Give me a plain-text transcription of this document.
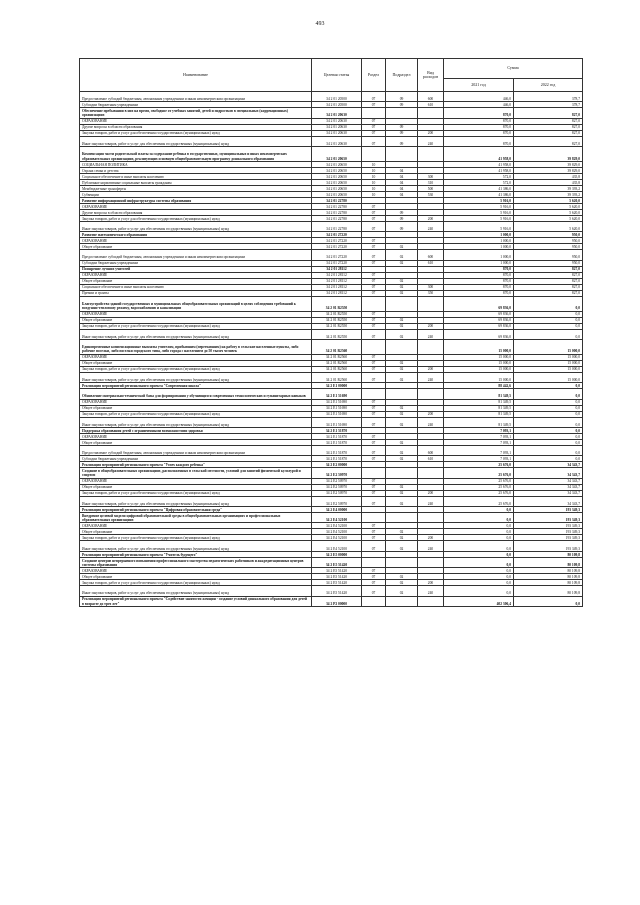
493
Наименование	Целевая статья	Раздел	Подраздел	Вид расходов	Сумма	
					2021 год	2022 год
Предоставление субсидий бюджетным, автономным учреждениям и иным некоммерческим организациям	34 2 01 20500	07	09	600	446,0	378,7
Субсидии бюджетным учреждениям	34 2 01 20500	07	09	610	446,0	378,7
Обеспечение пребывания в них на время, свободное от учебных занятий, детей и подростков в специальных (коррекционных) организациях	34 2 01 20630				870,0	827,0
ОБРАЗОВАНИЕ	34 2 01 20630	07			870,0	827,0
Другие вопросы в области образования	34 2 01 20630	07	09		870,0	827,0
Закупка товаров, работ и услуг для обеспечения государственных (муниципальных) нужд	34 2 01 20630	07	09	200	870,0	827,0
Иные закупки товаров, работ и услуг для обеспечения государственных (муниципальных) нужд	34 2 01 20630	07	09	240	870,0	827,0
Компенсация части родительской платы за содержание ребенка в государственных, муниципальных и иных некоммерческих образовательных организациях, реализующих основную общеобразовательную программу дошкольного образования	34 2 01 20650				41 958,0	39 829,0
СОЦИАЛЬНАЯ ПОЛИТИКА	34 2 01 20650	10			41 958,0	39 829,0
Охрана семьи и детства	34 2 01 20650	10	04		41 958,0	39 829,0
Социальное обеспечение и иные выплаты населению	34 2 01 20650	10	04	300	572,0	435,8
Публичные нормативные социальные выплаты гражданам	34 2 01 20650	10	04	310	572,0	435,8
Межбюджетные трансферты	34 2 01 20650	10	04	500	41 386,0	39 393,2
Субвенции	34 2 01 20650	10	04	530	41 386,0	39 393,2
Развитие информационной инфраструктуры системы образования	34 2 01 22780				5 916,0	5 620,0
ОБРАЗОВАНИЕ	34 2 01 22780	07			5 916,0	5 620,0
Другие вопросы в области образования	34 2 01 22780	07	09		5 916,0	5 620,0
Закупка товаров, работ и услуг для обеспечения государственных (муниципальных) нужд	34 2 01 22780	07	09	200	5 916,0	5 620,0
Иные закупки товаров, работ и услуг для обеспечения государственных (муниципальных) нужд	34 2 01 22780	07	09	240	5 916,0	5 620,0
Развитие математического образования	34 2 01 27220				1 000,0	950,0
ОБРАЗОВАНИЕ	34 2 01 27220	07			1 000,0	950,0
Общее образование	34 2 01 27220	07	02		1 000,0	950,0
Предоставление субсидий бюджетным, автономным учреждениям и иным некоммерческим организациям	34 2 01 27220	07	02	600	1 000,0	950,0
Субсидии бюджетным учреждениям	34 2 01 27220	07	02	610	1 000,0	950,0
Поощрение лучших учителей	34 2 01 28112				870,0	827,0
ОБРАЗОВАНИЕ	34 2 01 28112	07			870,0	827,0
Общее образование	34 2 01 28112	07	02		870,0	827,0
Социальное обеспечение и иные выплаты населению	34 2 01 28112	07	02	300	870,0	827,0
Премии и гранты	34 2 01 28112	07	02	350	870,0	827,0
Благоустройство зданий государственных и муниципальных общеобразовательных организаций в целях соблюдения требований к воздушно-тепловому режиму, водоснабжению и канализации	34 2 01 R2550				69 836,0	0,0
ОБРАЗОВАНИЕ	34 2 01 R2550	07			69 836,0	0,0
Общее образование	34 2 01 R2550	07	02		69 836,0	0,0
Закупка товаров, работ и услуг для обеспечения государственных (муниципальных) нужд	34 2 01 R2550	07	02	200	69 836,0	0,0
Иные закупки товаров, работ и услуг для обеспечения государственных (муниципальных) нужд	34 2 01 R2550	07	02	240	69 836,0	0,0
Единовременные компенсационные выплаты учителям, прибывшим (переехавшим) на работу в сельские населенные пункты, либо рабочие поселки, либо поселки городского типа, либо города с населением до 50 тысяч человек	34 2 01 R2560				15 000,0	15 000,0
ОБРАЗОВАНИЕ	34 2 01 R2560	07			15 000,0	15 000,0
Общее образование	34 2 01 R2560	07	02		15 000,0	15 000,0
Закупка товаров, работ и услуг для обеспечения государственных (муниципальных) нужд	34 2 01 R2560	07	02	200	15 000,0	15 000,0
Иные закупки товаров, работ и услуг для обеспечения государственных (муниципальных) нужд	34 2 01 R2560	07	02	240	15 000,0	15 000,0
Реализация мероприятий регионального проекта "Современная школа"	34 2 E1 00000				88 442,6	0,0
Обновление материально-технической базы для формирования у обучающихся современных технологических и гуманитарных навыков	34 2 E1 51690				81 349,5	0,0
ОБРАЗОВАНИЕ	34 2 E1 51690	07			81 349,5	0,0
Общее образование	34 2 E1 51690	07	02		81 349,5	0,0
Закупка товаров, работ и услуг для обеспечения государственных (муниципальных) нужд	34 2 E1 51690	07	02	200	81 349,5	0,0
Иные закупки товаров, работ и услуг для обеспечения государственных (муниципальных) нужд	34 2 E1 51690	07	02	240	81 349,5	0,0
Поддержка образования детей с ограниченными возможностями здоровья	34 2 E1 51870				7 093,1	0,0
ОБРАЗОВАНИЕ	34 2 E1 51870	07			7 093,1	0,0
Общее образование	34 2 E1 51870	07	02		7 093,1	0,0
Предоставление субсидий бюджетным, автономным учреждениям и иным некоммерческим организациям	34 2 E1 51870	07	02	600	7 093,1	0,0
Субсидии бюджетным учреждениям	34 2 E1 51870	07	02	610	7 093,1	0,0
Реализация мероприятий регионального проекта "Успех каждого ребенка"	34 2 E2 00000				25 676,0	34 343,7
Создание в общеобразовательных организациях, расположенных в сельской местности, условий для занятий физической культурой и спортом	34 2 E2 50970				25 676,0	34 343,7
ОБРАЗОВАНИЕ	34 2 E2 50970	07			25 676,0	34 343,7
Общее образование	34 2 E2 50970	07	02		25 676,0	34 343,7
Закупка товаров, работ и услуг для обеспечения государственных (муниципальных) нужд	34 2 E2 50970	07	02	200	25 676,0	34 343,7
Иные закупки товаров, работ и услуг для обеспечения государственных (муниципальных) нужд	34 2 E2 50970	07	02	240	25 676,0	34 343,7
Реализация мероприятий регионального проекта "Цифровая образовательная среда"	34 2 E4 00000				0,0	193 349,3
Внедрение целевой модели цифровой образовательной среды в общеобразовательных организациях и профессиональных образовательных организациях	34 2 E4 52100				0,0	193 349,3
ОБРАЗОВАНИЕ	34 2 E4 52100	07			0,0	193 349,3
Общее образование	34 2 E4 52100	07	02		0,0	193 349,3
Закупка товаров, работ и услуг для обеспечения государственных (муниципальных) нужд	34 2 E4 52100	07	02	200	0,0	193 349,3
Иные закупки товаров, работ и услуг для обеспечения государственных (муниципальных) нужд	34 2 E4 52100	07	02	240	0,0	193 349,3
Реализация мероприятий регионального проекта "Учитель будущего"	34 2 E5 00000				0,0	80 109,8
Создание центров непрерывного повышения профессионального мастерства педагогических работников и аккредитационных центров системы образования	34 2 E5 51420				0,0	80 109,8
ОБРАЗОВАНИЕ	34 2 E5 51420	07			0,0	80 109,8
Общее образование	34 2 E5 51420	07	02		0,0	80 109,8
Закупка товаров, работ и услуг для обеспечения государственных (муниципальных) нужд	34 2 E5 51420	07	02	200	0,0	80 109,8
Иные закупки товаров, работ и услуг для обеспечения государственных (муниципальных) нужд	34 2 E5 51420	07	02	240	0,0	80 109,8
Реализация мероприятий регионального проекта "Содействие занятости женщин - создание условий дошкольного образования для детей в возрасте до трех лет"	34 2 P2 00000				402 306,4	0,0
